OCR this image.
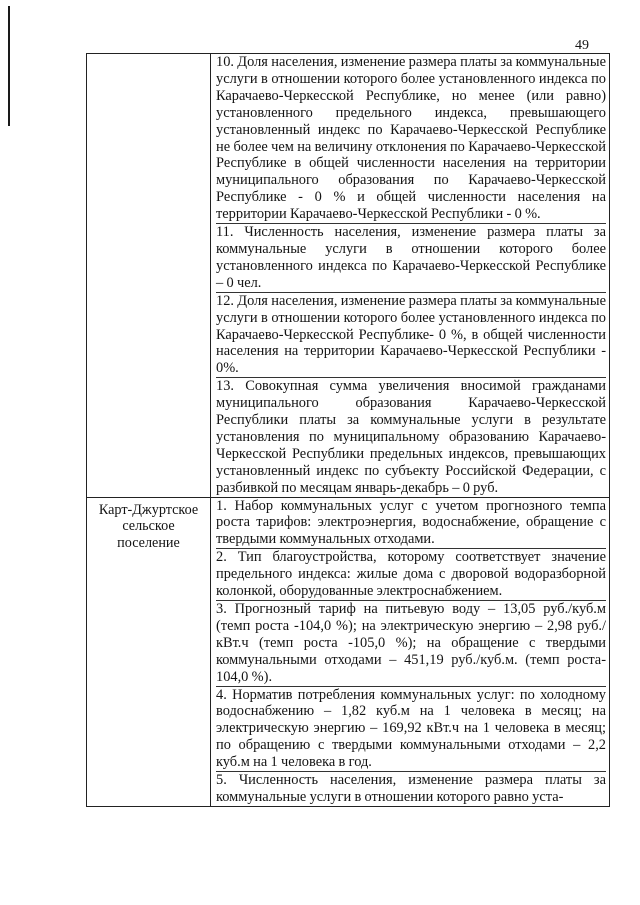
49

	10. Доля населения, изменение размера платы за коммунальные услуги в отношении которого более установленного индекса по Карачаево-Черкесской Республике, но менее (или равно) установленного предельного индекса, превышающего установленный индекс по Карачаево-Черкесской Республике не более чем на величину отклонения по Карачаево-Черкесской Республике в общей численности населения на территории муниципального образования по Карачаево-Черкесской Республике - 0 % и общей численности населения на территории Карачаево-Черкесской Республики - 0 %.

11. Численность населения, изменение размера платы за коммунальные услуги в отношении которого более установленного индекса по Карачаево-Черкесской Республике – 0 чел.

12. Доля населения, изменение размера платы за коммунальные услуги в отношении которого более установленного индекса по Карачаево-Черкесской Республике- 0 %, в общей численности населения на территории Карачаево-Черкесской Республики - 0%.

13. Совокупная сумма увеличения вносимой гражданами муниципального образования Карачаево-Черкесской Республики платы за коммунальные услуги в результате установления по муниципальному образованию Карачаево-Черкесской Республики предельных индексов, превышающих установленный индекс по субъекту Российской Федерации, с разбивкой по месяцам январь-декабрь – 0 руб.

Карт-Джуртское сельское поселение	1. Набор коммунальных услуг с учетом прогнозного темпа роста тарифов: электроэнергия, водоснабжение, обращение с твердыми коммунальных отходами.

2. Тип благоустройства, которому соответствует значение предельного индекса: жилые дома с дворовой водоразборной колонкой, оборудованные электроснабжением.

3. Прогнозный тариф на питьевую воду – 13,05 руб./куб.м (темп роста -104,0 %); на электрическую энергию – 2,98 руб./кВт.ч (темп роста -105,0 %); на обращение с твердыми коммунальными отходами – 451,19 руб./куб.м. (темп роста- 104,0 %).

4. Норматив потребления коммунальных услуг: по холодному водоснабжению – 1,82 куб.м на 1 человека в месяц; на электрическую энергию – 169,92 кВт.ч на 1 человека в месяц; по обращению с твердыми коммунальными отходами – 2,2 куб.м на 1 человека в год.

5. Численность населения, изменение размера платы за коммунальные услуги в отношении которого равно уста-
